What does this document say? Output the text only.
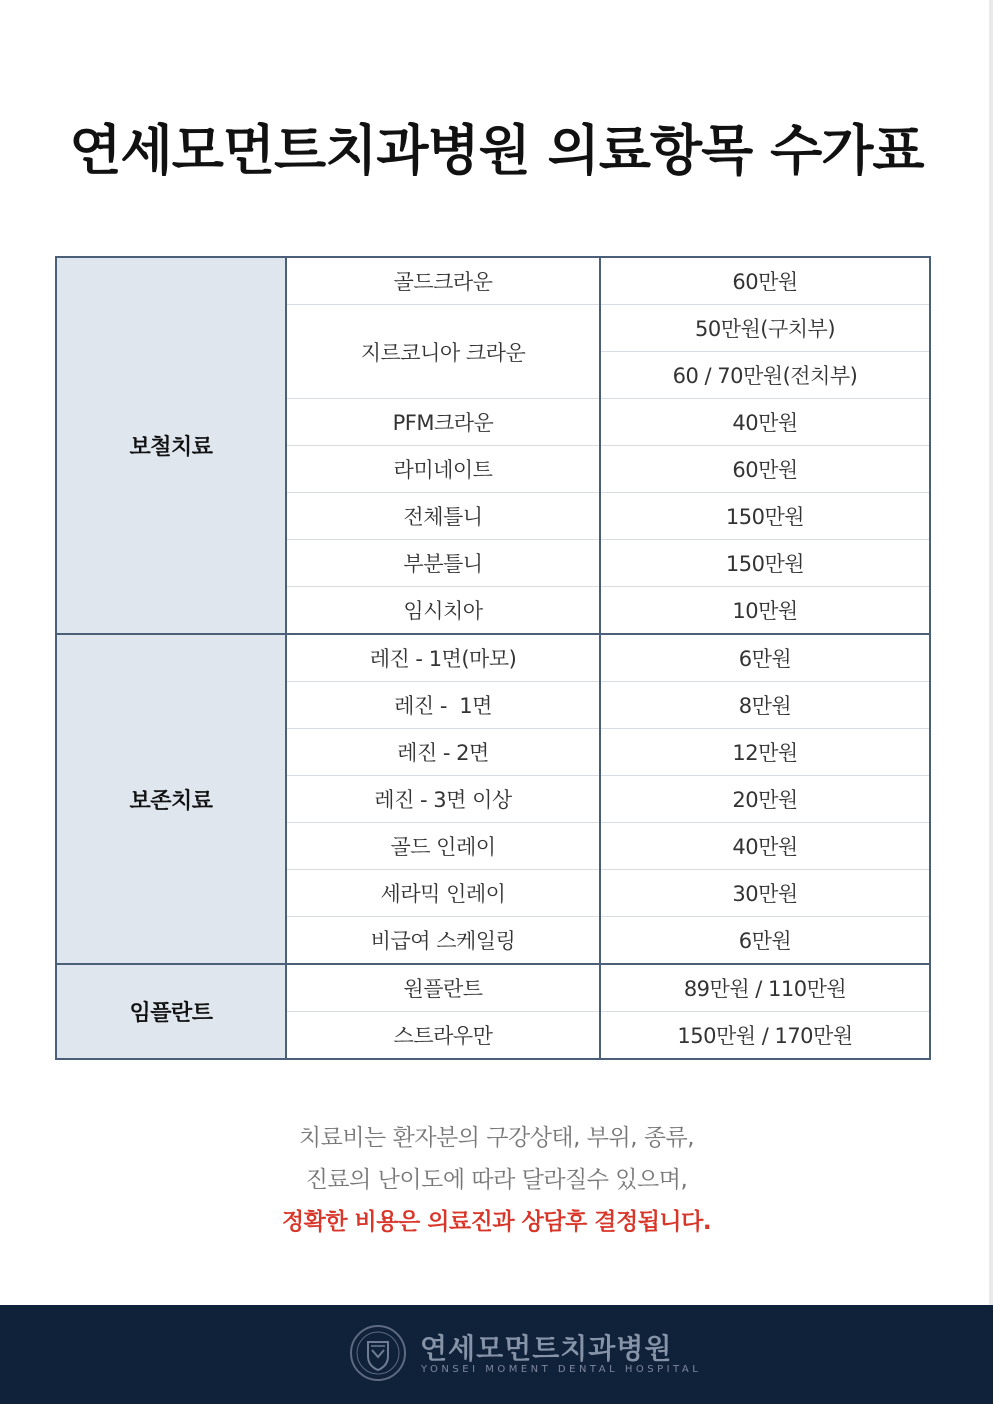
연세모먼트치과병원 의료항목 수가표
보철치료	골드크라운	60만원
	지르코니아 크라운	50만원(구치부)
		60 / 70만원(전치부)
	PFM크라운	40만원
	라미네이트	60만원
	전체틀니	150만원
	부분틀니	150만원
	임시치아	10만원
보존치료	레진 - 1면(마모)	6만원
	레진 -  1면	8만원
	레진 - 2면	12만원
	레진 - 3면 이상	20만원
	골드 인레이	40만원
	세라믹 인레이	30만원
	비급여 스케일링	6만원
임플란트	원플란트	89만원 / 110만원
	스트라우만	150만원 / 170만원
치료비는 환자분의 구강상태, 부위, 종류,
진료의 난이도에 따라 달라질수 있으며,
정확한 비용은 의료진과 상담후 결정됩니다.
연세모먼트치과병원
YONSEI MOMENT DENTAL HOSPITAL
